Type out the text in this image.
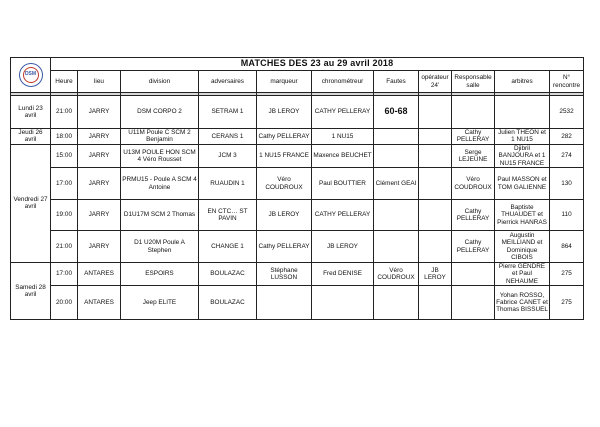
DSM	MATCHES DES 23 au 29 avril 2018										
	Heure	lieu	division	adversaires	marqueur	chronométreur	Fautes	opérateur 24'	Responsable salle	arbitres	N° rencontre

Lundi 23 avril	21:00	JARRY	DSM CORPO 2	SETRAM 1	JB LEROY	CATHY PELLERAY	60-68				2532
Jeudi 26 avril	18:00	JARRY	U11M Poule C SCM 2 Benjamin	CERANS 1	Cathy PELLERAY	1 NU15			Cathy PELLERAY	Julien THEON et 1 NU15	282
Vendredi 27 avril	15:00	JARRY	U13M POULE HON SCM 4 Véro Rousset	JCM 3	1 NU15 FRANCE	Maxence BEUCHET			Serge LEJEUNE	Djibril BANJOURA et 1 NU15 FRANCE	274
	17:00	JARRY	PRMU15 - Poule A SCM 4 Antoine	RUAUDIN 1	Véro COUDROUX	Paul BOUTTIER	Clément GEAI		Véro COUDROUX	Paul MASSON et TOM GALIENNE	130
	19:00	JARRY	D1U17M SCM 2 Thomas	EN CTC… ST PAVIN	JB LEROY	CATHY PELLERAY			Cathy PELLERAY	Baptiste THUAUDET et Pierrick HANRAS	110
	21:00	JARRY	D1 U20M Poule A Stephen	CHANGE 1	Cathy PELLERAY	JB LEROY			Cathy PELLERAY	Augustin MEILLIAND et Dominique CIBOIS	864
Samedi 28 avril	17:00	ANTARES	ESPOIRS	BOULAZAC	Stéphane LUSSON	Fred DENISE	Véro COUDROUX	JB LEROY		Pierre GENDRE et Paul NEHAUME	275
	20:00	ANTARES	Jeep ELITE	BOULAZAC						Yohan ROSSO, Fabrice CANET et Thomas BISSUEL	275
